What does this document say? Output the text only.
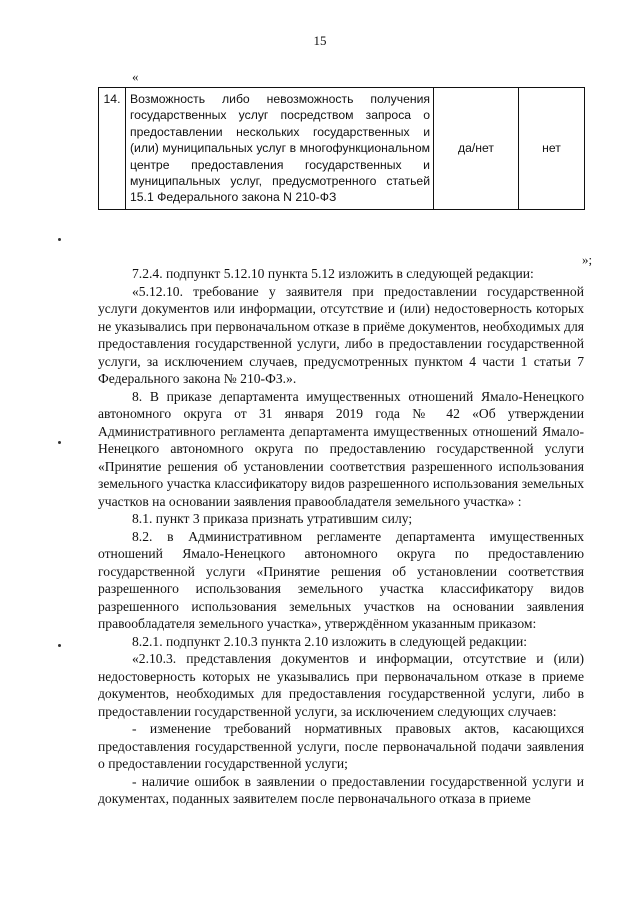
15
«
14.	Возможность либо невозможность получения государственных услуг посредством запроса о предоставлении нескольких государственных и (или) муниципальных услуг в многофункциональном центре предоставления государственных и муниципальных услуг, предусмотренного статьей 15.1 Федерального закона N 210-ФЗ	да/нет	нет
»;

7.2.4. подпункт 5.12.10 пункта 5.12 изложить в следующей редакции:

«5.12.10. требование у заявителя при предоставлении государственной услуги документов или информации, отсутствие и (или) недостоверность которых не указывались при первоначальном отказе в приёме документов, необходимых для предоставления государственной услуги, либо в предоставлении государственной услуги, за исключением случаев, предусмотренных пунктом 4 части 1 статьи 7 Федерального закона № 210-ФЗ.».

8. В приказе департамента имущественных отношений Ямало-Ненецкого автономного округа от 31 января 2019 года № 42 «Об утверждении Административного регламента департамента имущественных отношений Ямало-Ненецкого автономного округа по предоставлению государственной услуги «Принятие решения об установлении соответствия разрешенного использования земельного участка классификатору видов разрешенного использования земельных участков на основании заявления правообладателя земельного участка» :

8.1. пункт 3 приказа признать утратившим силу;

8.2. в Административном регламенте департамента имущественных отношений Ямало-Ненецкого автономного округа по предоставлению государственной услуги «Принятие решения об установлении соответствия разрешенного использования земельного участка классификатору видов разрешенного использования земельных участков на основании заявления правообладателя земельного участка», утверждённом указанным приказом:

8.2.1. подпункт 2.10.3 пункта 2.10 изложить в следующей редакции:

«2.10.3. представления документов и информации, отсутствие и (или) недостоверность которых не указывались при первоначальном отказе в приеме документов, необходимых для предоставления государственной услуги, либо в предоставлении государственной услуги, за исключением следующих случаев:

- изменение требований нормативных правовых актов, касающихся предоставления государственной услуги, после первоначальной подачи заявления о предоставлении государственной услуги;

- наличие ошибок в заявлении о предоставлении государственной услуги и документах, поданных заявителем после первоначального отказа в приеме
